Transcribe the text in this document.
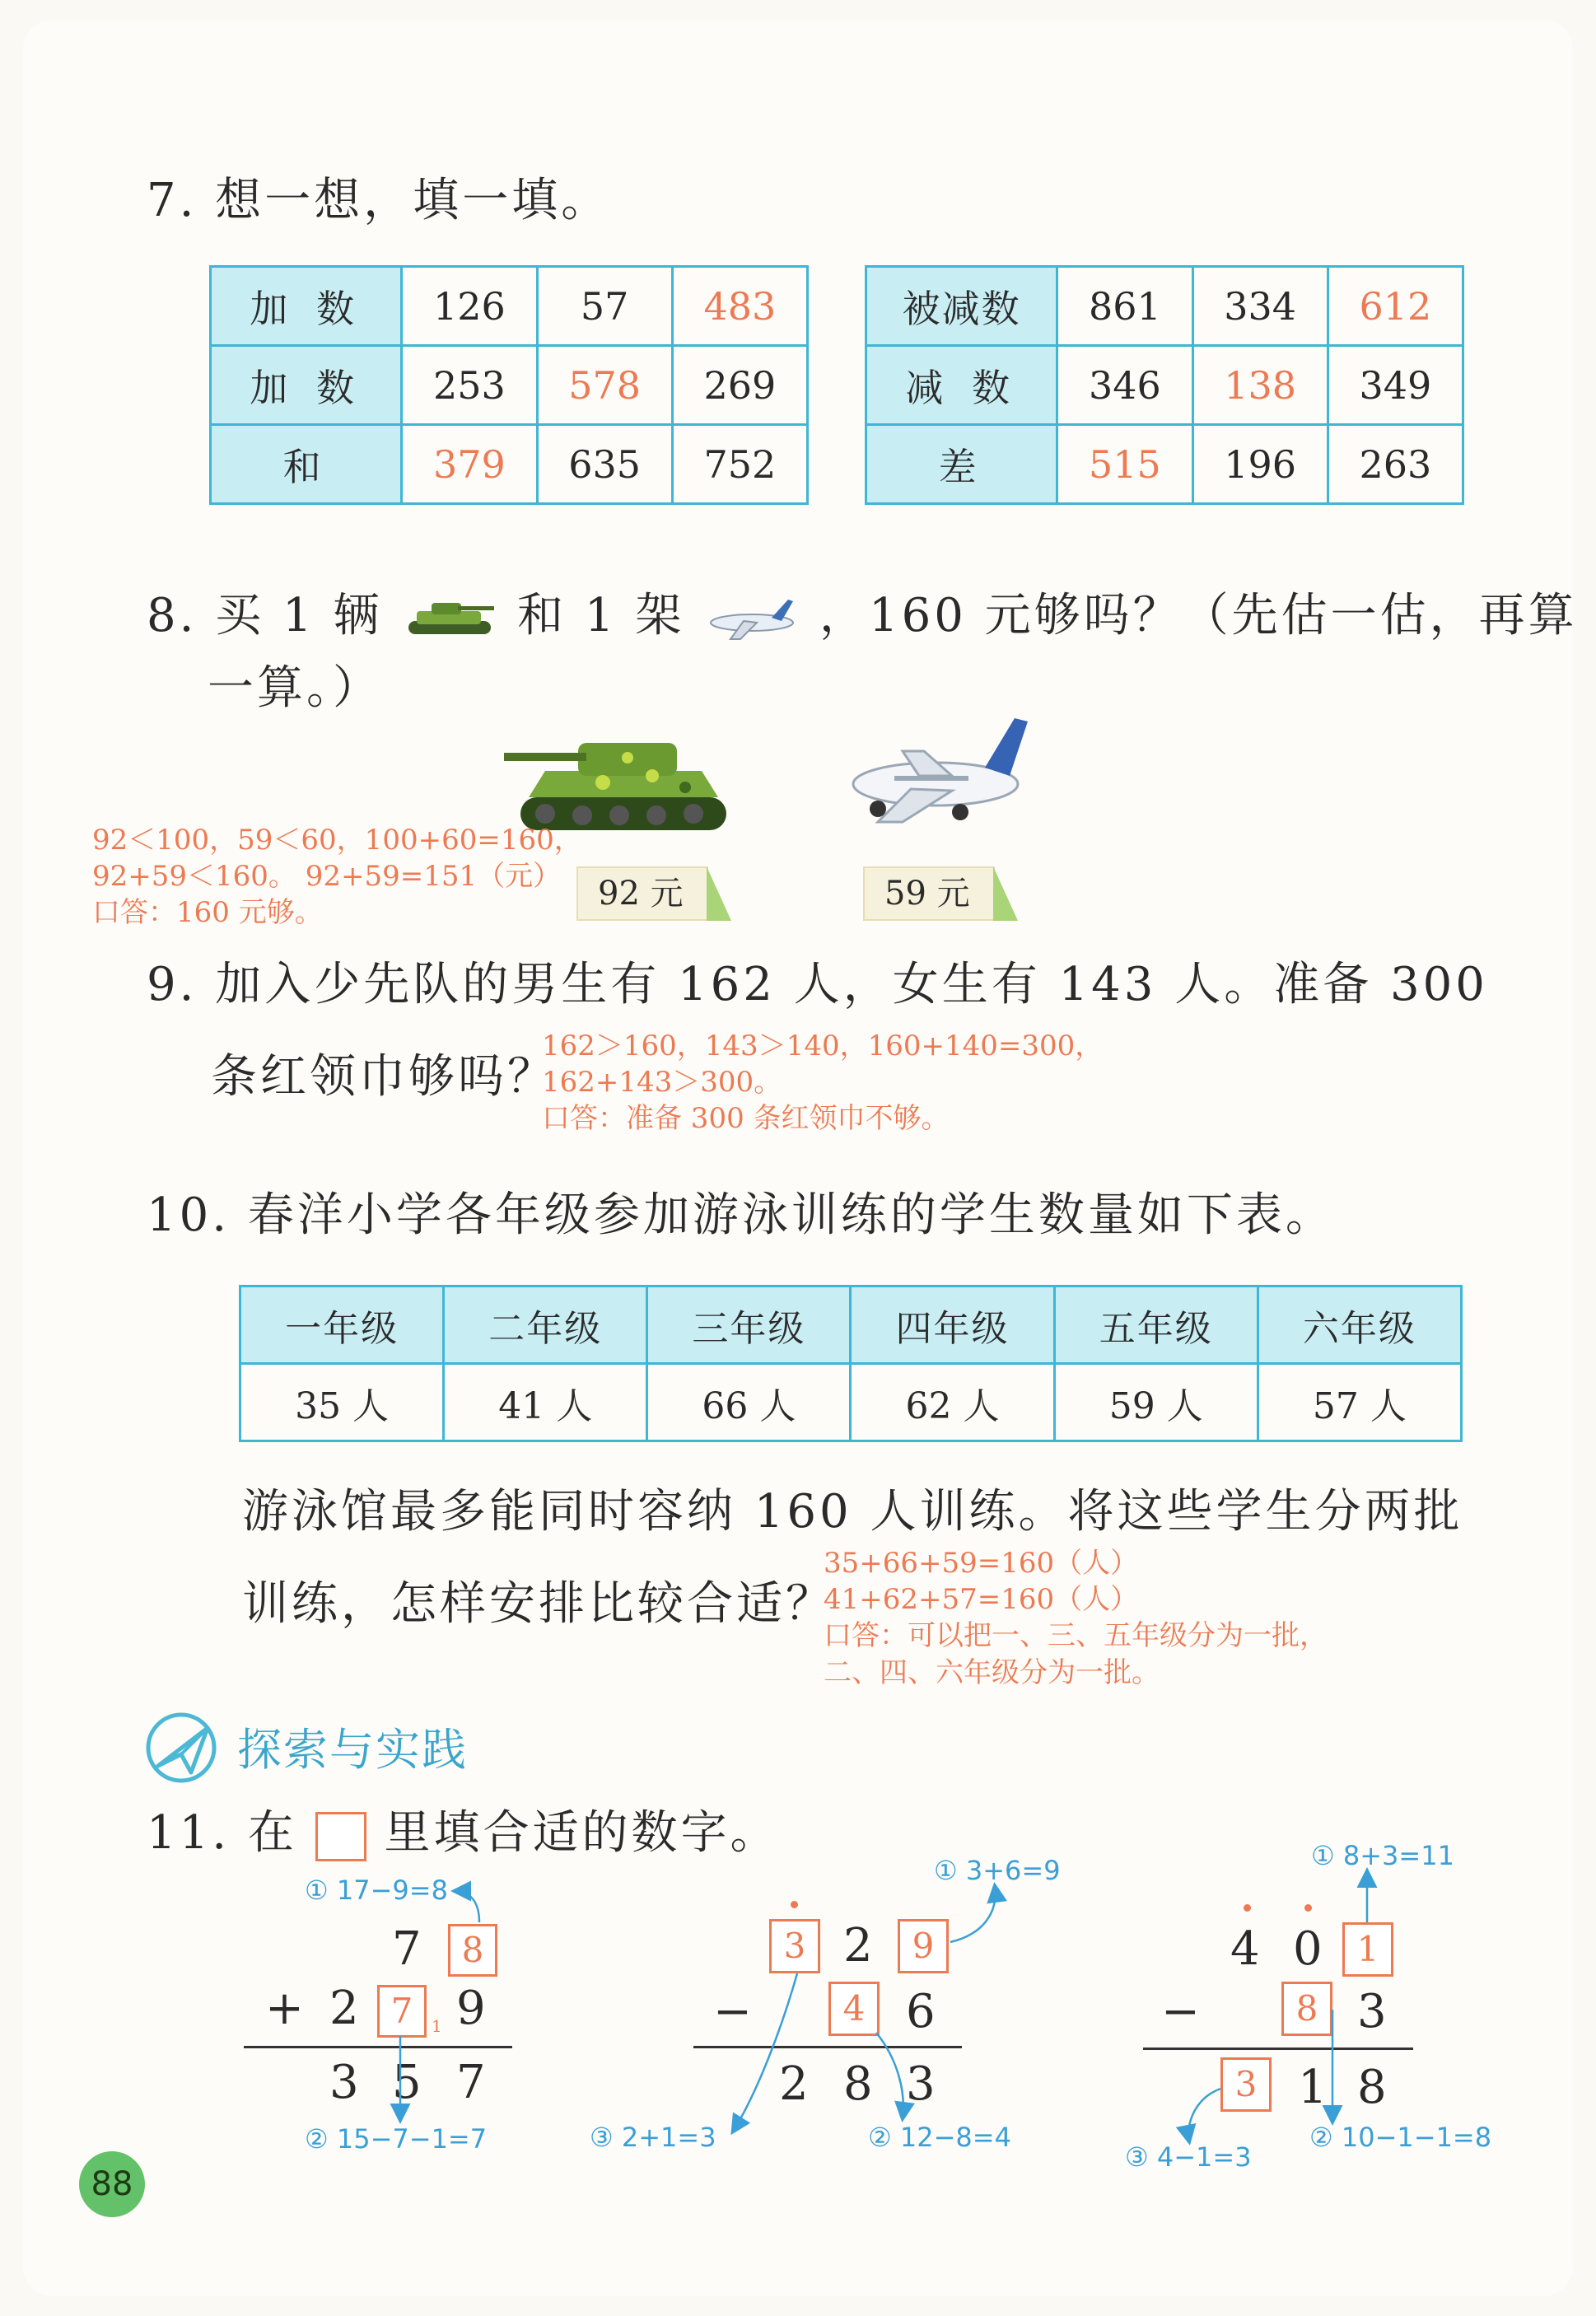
7. 想一想，填一填。
加 数	126	57	483
加 数	253	578	269
和	379	635	752
被减数	861	334	612
减 数	346	138	349
差	515	196	263
8. 买 1 辆	和 1 架	，160 元够吗？（先估一估，再算
一算。）
92 元	59 元
92＜100，59＜60，100+60=160，
92+59＜160。 92+59=151（元）
口答：160 元够。
9. 加入少先队的男生有 162 人，女生有 143 人。准备 300
条红领巾够吗？
162＞160，143＞140，160+140=300，
162+143＞300。
口答：准备 300 条红领巾不够。
10. 春洋小学各年级参加游泳训练的学生数量如下表。
一年级	二年级	三年级	四年级	五年级	六年级
35 人	41 人	66 人	62 人	59 人	57 人
游泳馆最多能同时容纳 160 人训练。将这些学生分两批
训练，怎样安排比较合适？
35+66+59=160（人）
41+62+57=160（人）
口答：可以把一、三、五年级分为一批，
二、四、六年级分为一批。
探索与实践
11. 在 里填合适的数字。
① 17−9=8
7	8
+ 2 7	1 9
3 5 7
② 15−7−1=7
① 3+6=9
3 2	9
−	4 6
2 8 3
③ 2+1=3	② 12−8=4
① 8+3=11
4 0 1
−	8 3
3 1 8
③ 4−1=3
② 10−1−1=8
88
